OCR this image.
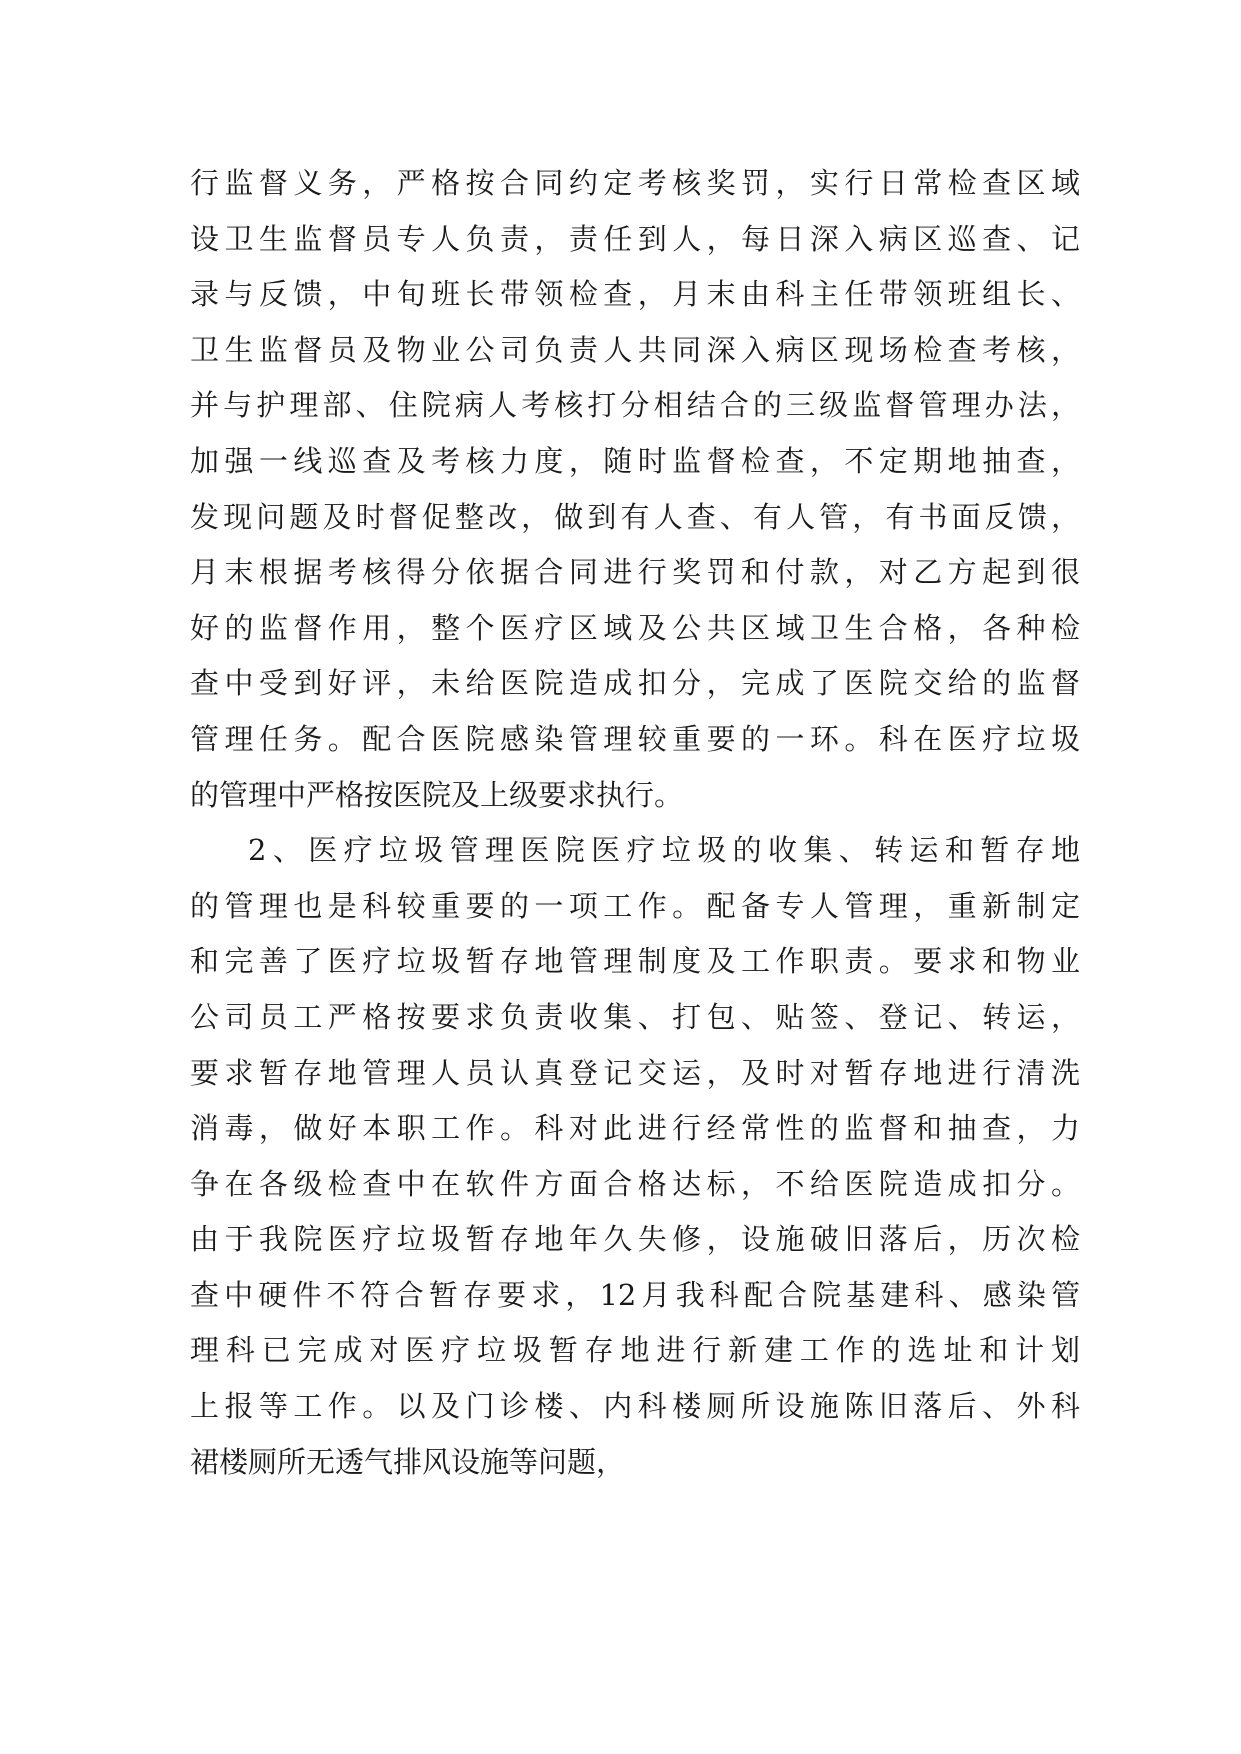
行监督义务，严格按合同约定考核奖罚，实行日常检查区域
设卫生监督员专人负责，责任到人，每日深入病区巡查、记
录与反馈，中旬班长带领检查，月末由科主任带领班组长、
卫生监督员及物业公司负责人共同深入病区现场检查考核，
并与护理部、住院病人考核打分相结合的三级监督管理办法，
加强一线巡查及考核力度，随时监督检查，不定期地抽查，
发现问题及时督促整改，做到有人查、有人管，有书面反馈，
月末根据考核得分依据合同进行奖罚和付款，对乙方起到很
好的监督作用，整个医疗区域及公共区域卫生合格，各种检
查中受到好评，未给医院造成扣分，完成了医院交给的监督
管理任务。配合医院感染管理较重要的一环。科在医疗垃圾
的管理中严格按医院及上级要求执行。
2、医疗垃圾管理医院医疗垃圾的收集、转运和暂存地
的管理也是科较重要的一项工作。配备专人管理，重新制定
和完善了医疗垃圾暂存地管理制度及工作职责。要求和物业
公司员工严格按要求负责收集、打包、贴签、登记、转运，
要求暂存地管理人员认真登记交运，及时对暂存地进行清洗
消毒，做好本职工作。科对此进行经常性的监督和抽查，力
争在各级检查中在软件方面合格达标，不给医院造成扣分。
由于我院医疗垃圾暂存地年久失修，设施破旧落后，历次检
查中硬件不符合暂存要求，12月我科配合院基建科、感染管
理科已完成对医疗垃圾暂存地进行新建工作的选址和计划
上报等工作。以及门诊楼、内科楼厕所设施陈旧落后、外科
裙楼厕所无透气排风设施等问题，
